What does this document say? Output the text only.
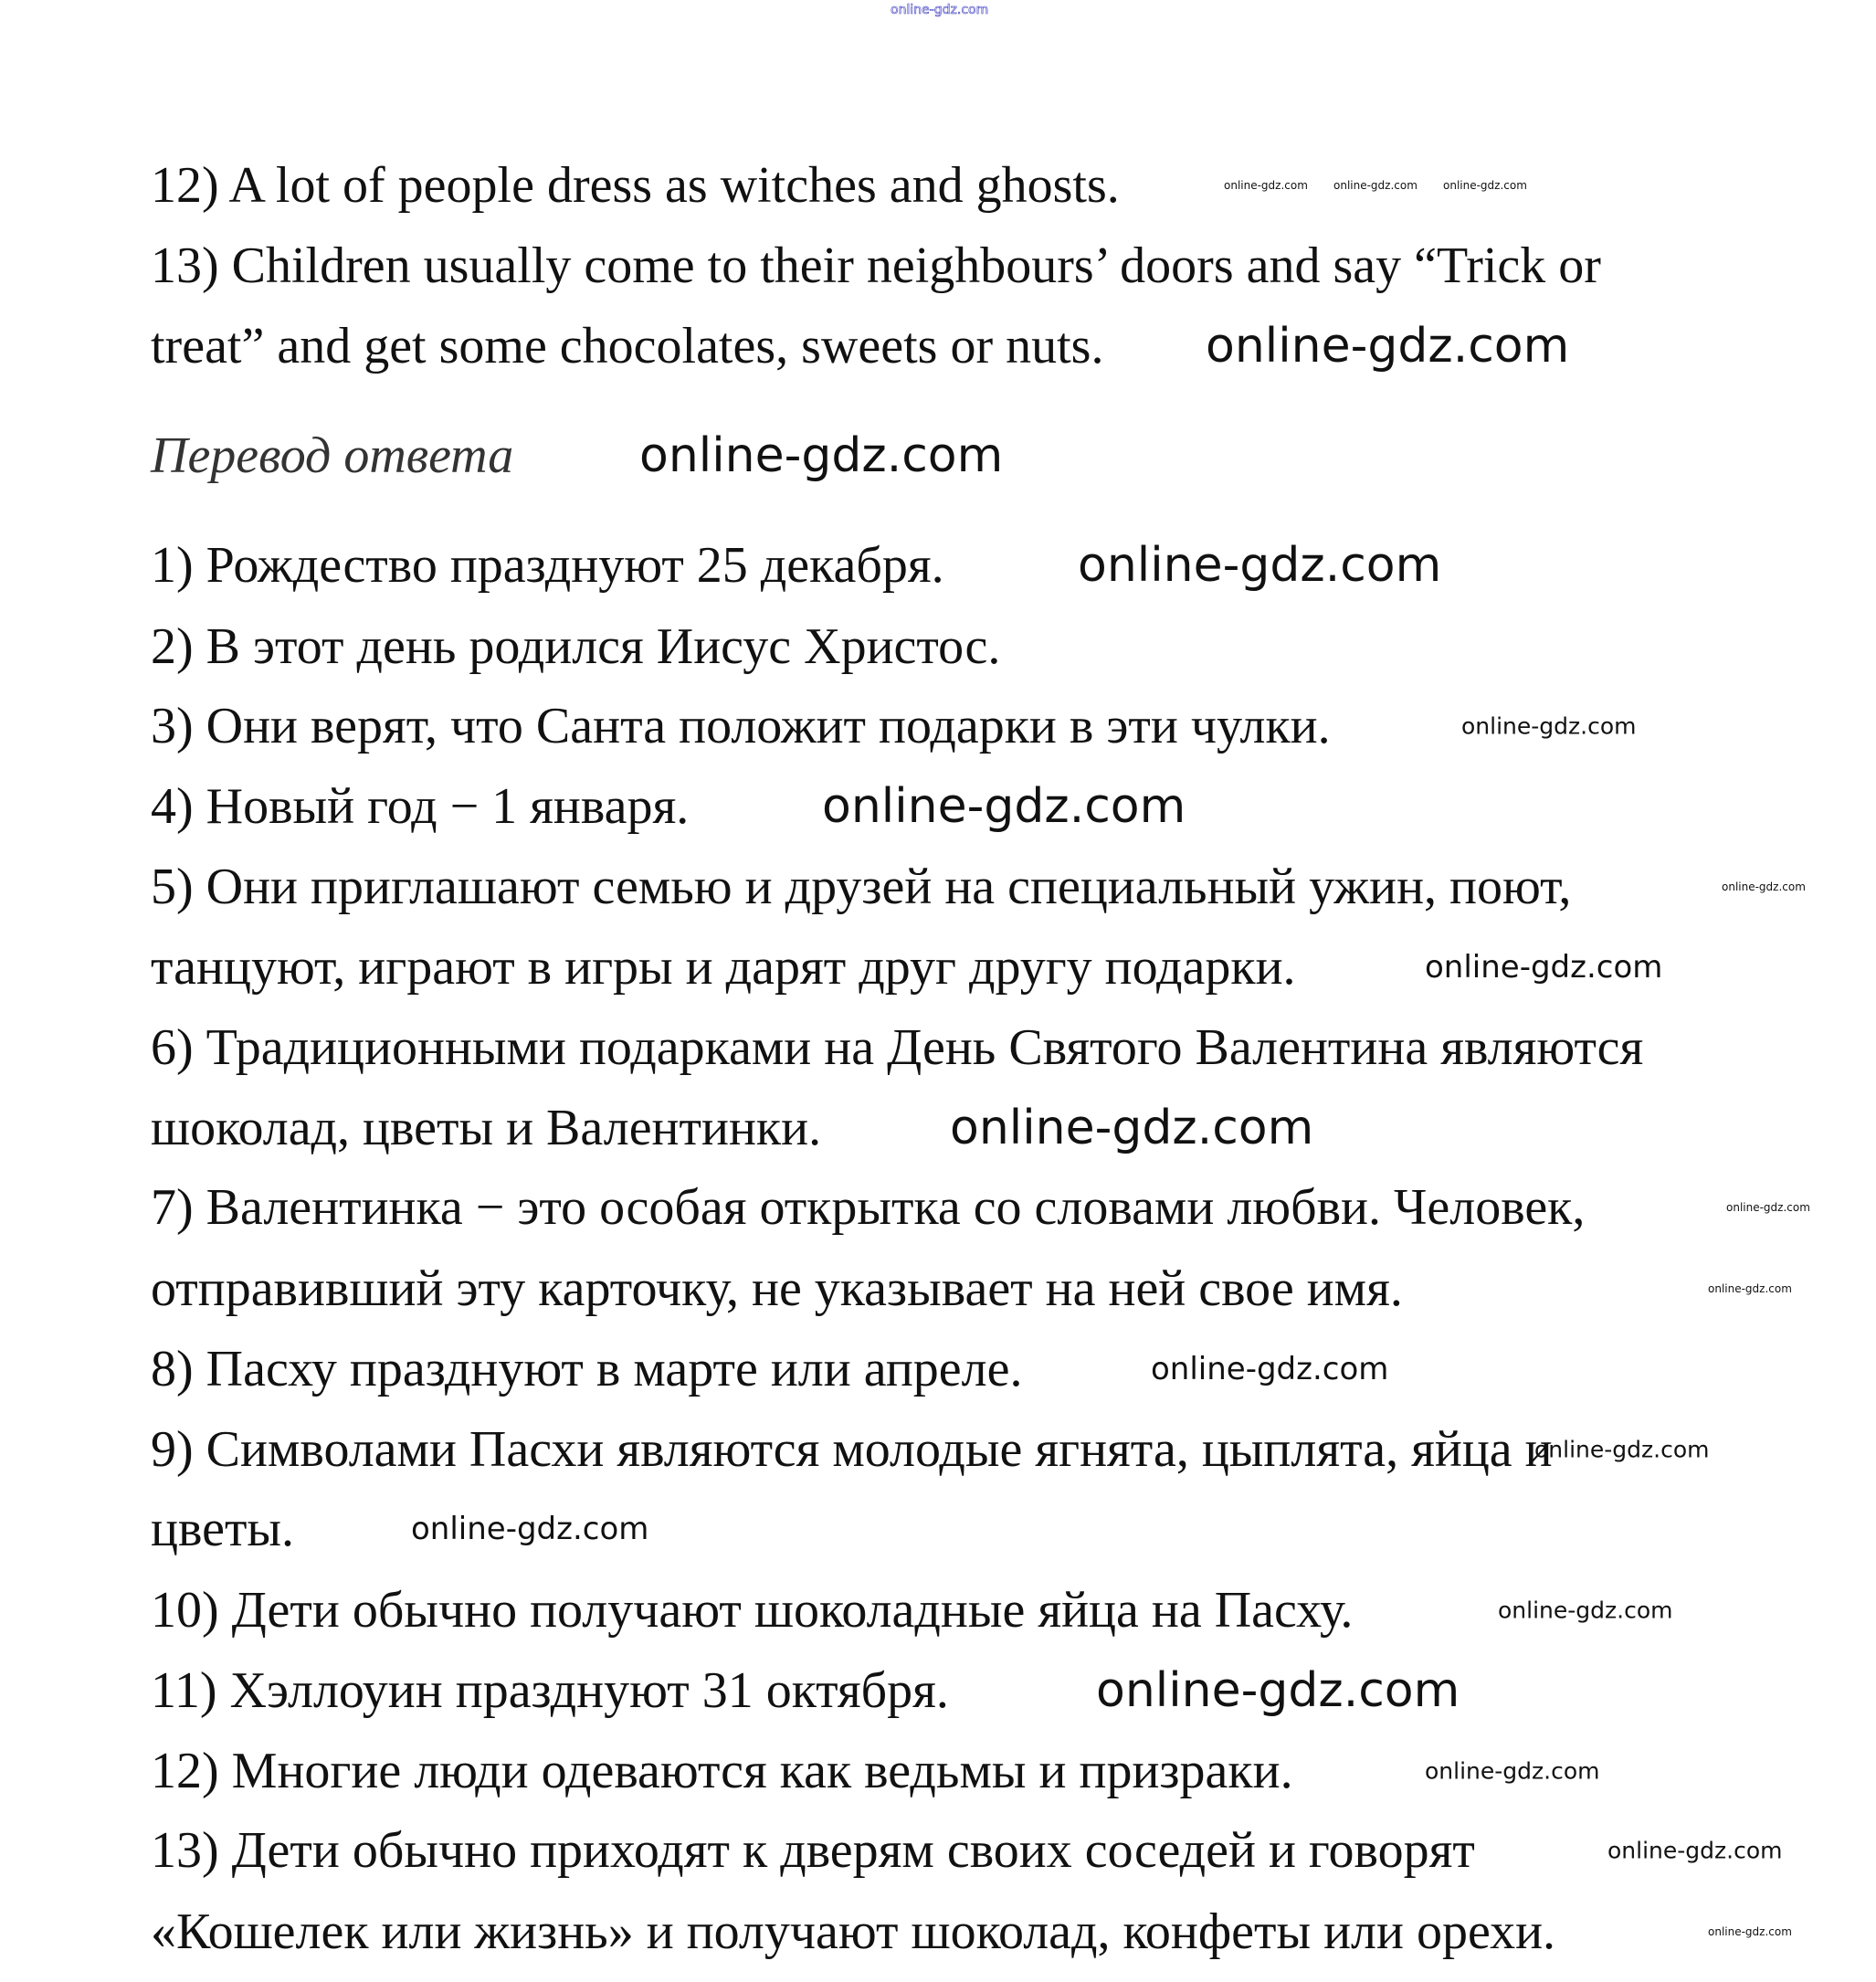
12) A lot of people dress as witches and ghosts.
13) Children usually come to their neighbours’ doors and say “Trick or
treat” and get some chocolates, sweets or nuts.
Перевод ответа
1) Рождество празднуют 25 декабря.
2) В этот день родился Иисус Христос.
3) Они верят, что Санта положит подарки в эти чулки.
4) Новый год − 1 января.
5) Они приглашают семью и друзей на специальный ужин, поют,
танцуют, играют в игры и дарят друг другу подарки.
6) Традиционными подарками на День Святого Валентина являются
шоколад, цветы и Валентинки.
7) Валентинка − это особая открытка со словами любви. Человек,
отправивший эту карточку, не указывает на ней свое имя.
8) Пасху празднуют в марте или апреле.
9) Символами Пасхи являются молодые ягнята, цыплята, яйца и
цветы.
10) Дети обычно получают шоколадные яйца на Пасху.
11) Хэллоуин празднуют 31 октября.
12) Многие люди одеваются как ведьмы и призраки.
13) Дети обычно приходят к дверям своих соседей и говорят
«Кошелек или жизнь» и получают шоколад, конфеты или орехи.
online-gdz.com
online-gdz.com
online-gdz.com
online-gdz.com
online-gdz.com
online-gdz.com
online-gdz.com
online-gdz.com
online-gdz.com
online-gdz.com
online-gdz.com
online-gdz.com
online-gdz.com
online-gdz.com
online-gdz.com
online-gdz.com online-gdz.com online-gdz.com
online-gdz.com
online-gdz.com
online-gdz.com
online-gdz.com
